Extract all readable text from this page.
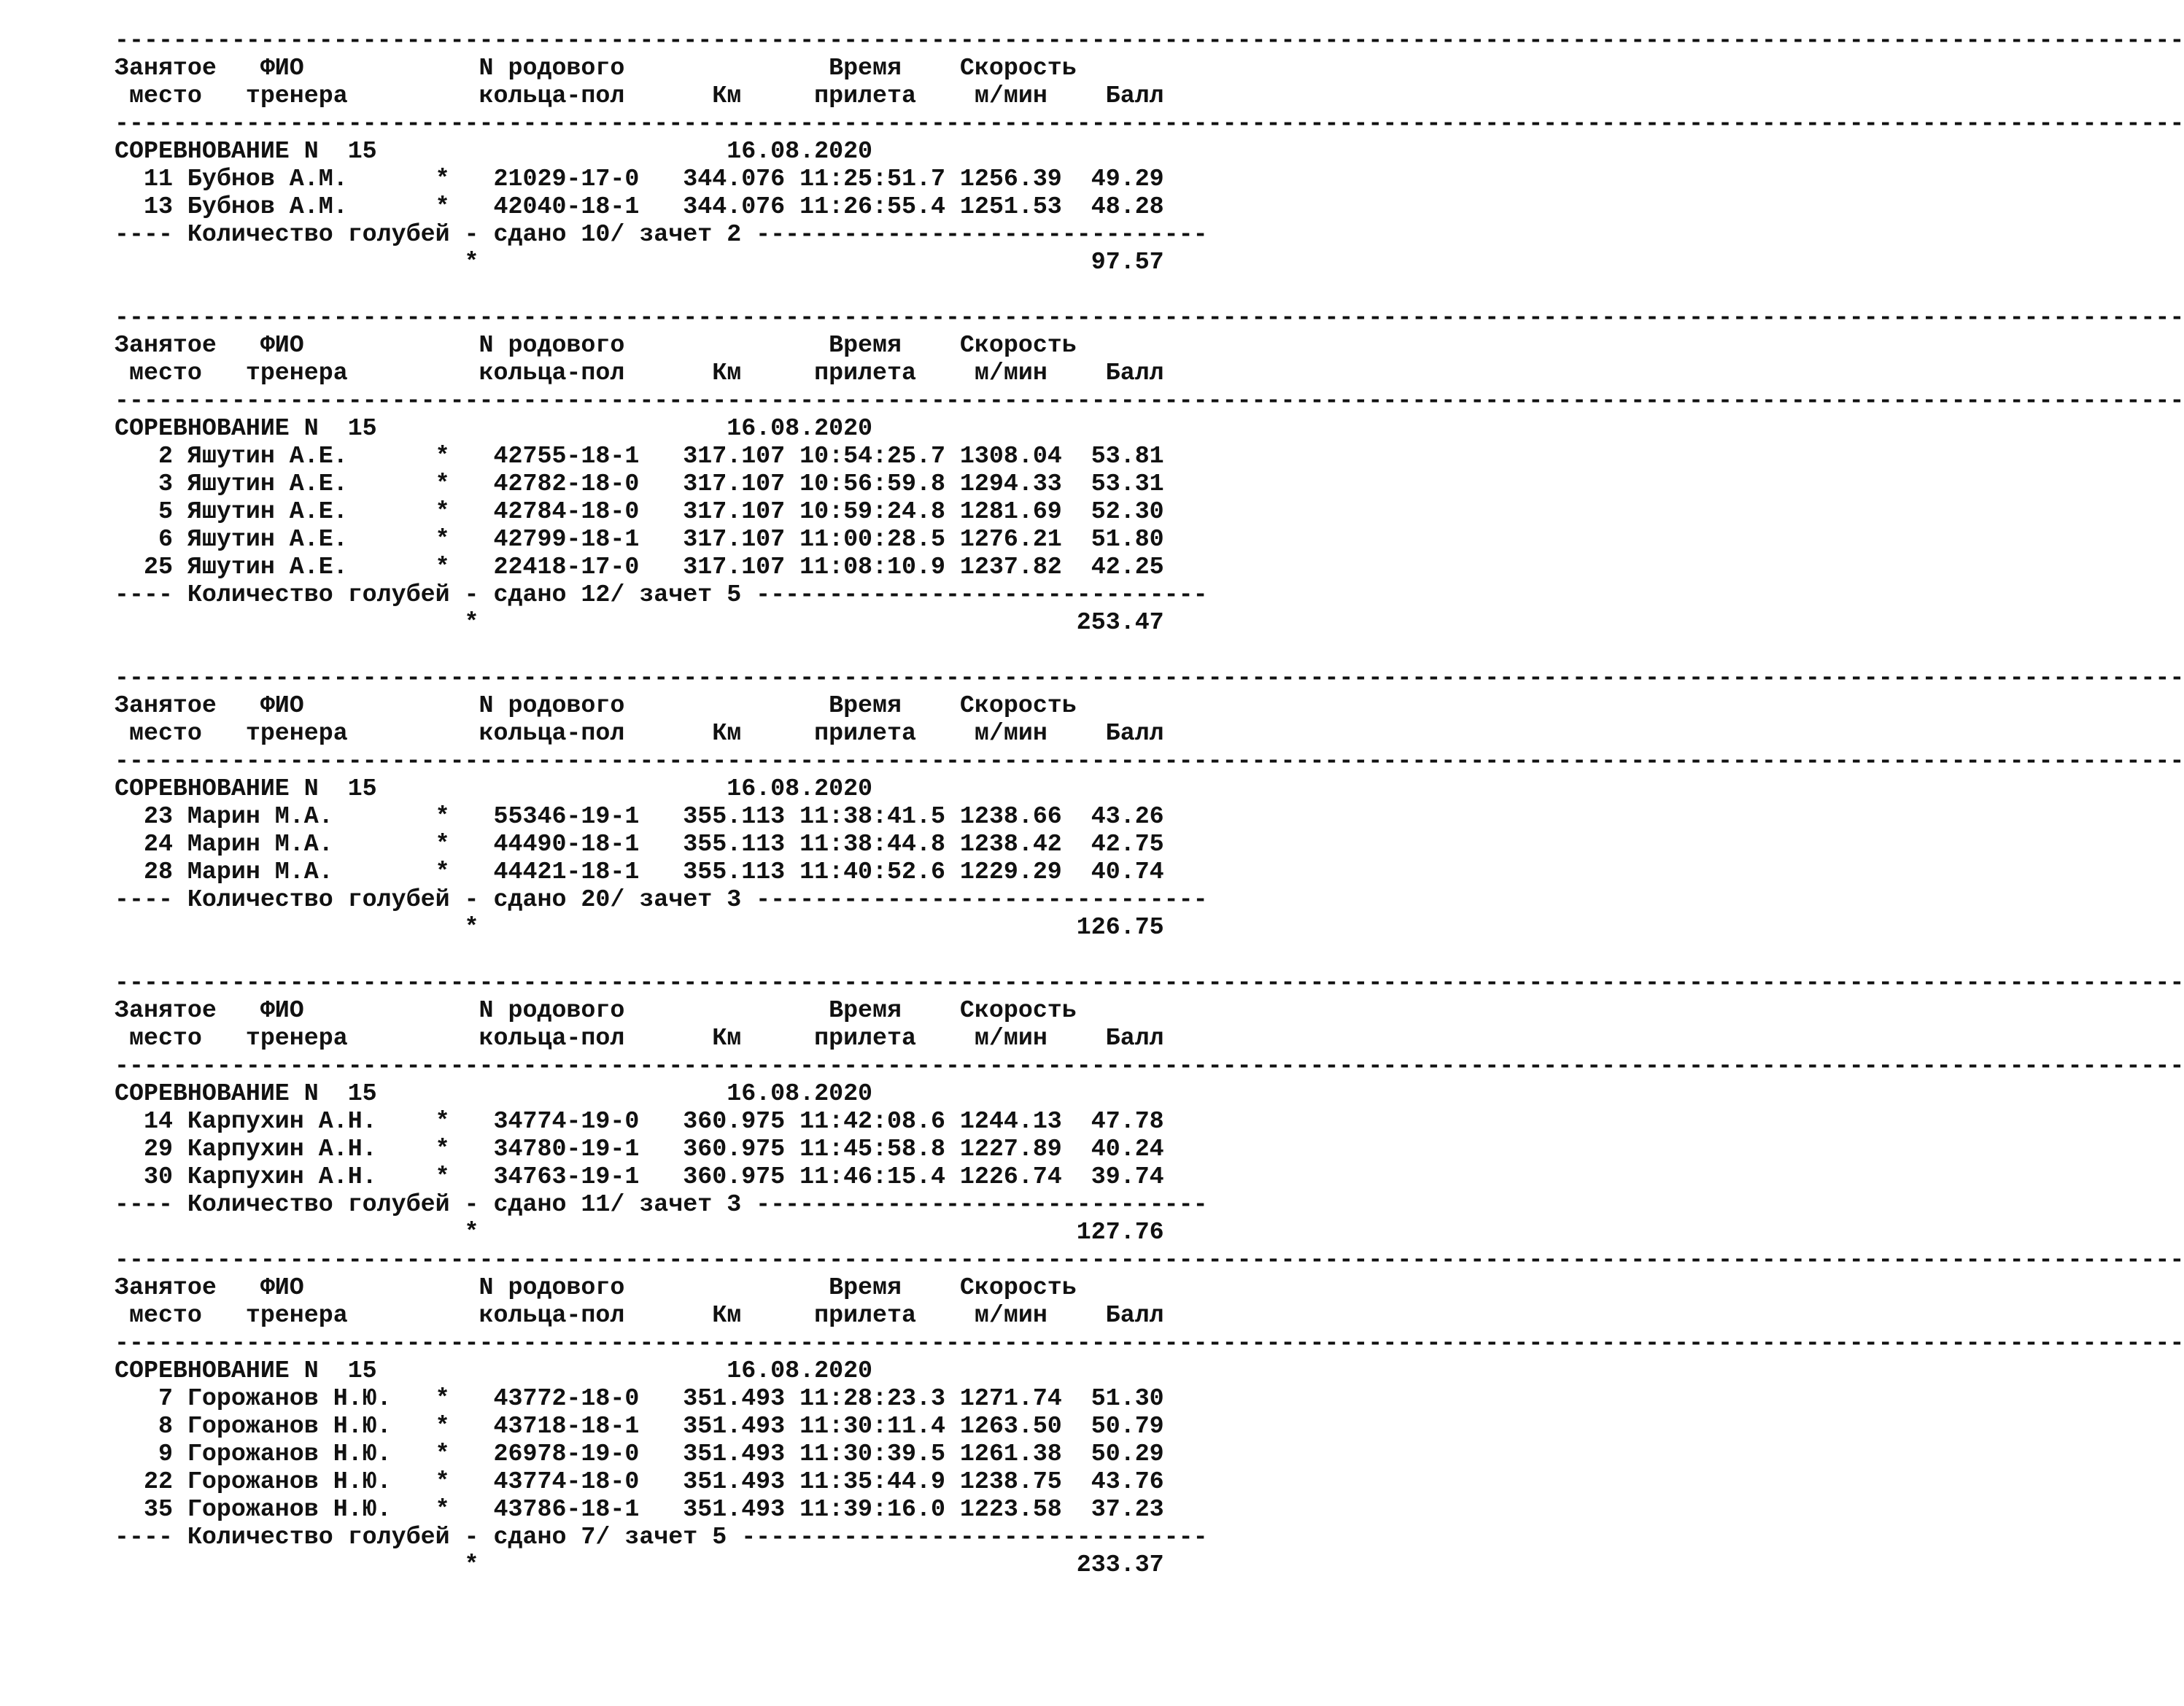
----------------------------------------------------------------------------------------------------------------------------------------------
Занятое   ФИО            N родового              Время    Скорость
место   тренера         кольца-пол      Км     прилета    м/мин    Балл
----------------------------------------------------------------------------------------------------------------------------------------------
СОРЕВНОВАНИЕ N  15                        16.08.2020
11 Бубнов А.М.      *   21029-17-0   344.076 11:25:51.7 1256.39  49.29
13 Бубнов А.М.      *   42040-18-1   344.076 11:26:55.4 1251.53  48.28
---- Количество голубей - сдано 10/ зачет 2 -------------------------------
*                                          97.57
----------------------------------------------------------------------------------------------------------------------------------------------
Занятое   ФИО            N родового              Время    Скорость
место   тренера         кольца-пол      Км     прилета    м/мин    Балл
----------------------------------------------------------------------------------------------------------------------------------------------
СОРЕВНОВАНИЕ N  15                        16.08.2020
2 Яшутин А.Е.      *   42755-18-1   317.107 10:54:25.7 1308.04  53.81
3 Яшутин А.Е.      *   42782-18-0   317.107 10:56:59.8 1294.33  53.31
5 Яшутин А.Е.      *   42784-18-0   317.107 10:59:24.8 1281.69  52.30
6 Яшутин А.Е.      *   42799-18-1   317.107 11:00:28.5 1276.21  51.80
25 Яшутин А.Е.      *   22418-17-0   317.107 11:08:10.9 1237.82  42.25
---- Количество голубей - сдано 12/ зачет 5 -------------------------------
*                                         253.47
----------------------------------------------------------------------------------------------------------------------------------------------
Занятое   ФИО            N родового              Время    Скорость
место   тренера         кольца-пол      Км     прилета    м/мин    Балл
----------------------------------------------------------------------------------------------------------------------------------------------
СОРЕВНОВАНИЕ N  15                        16.08.2020
23 Марин М.А.       *   55346-19-1   355.113 11:38:41.5 1238.66  43.26
24 Марин М.А.       *   44490-18-1   355.113 11:38:44.8 1238.42  42.75
28 Марин М.А.       *   44421-18-1   355.113 11:40:52.6 1229.29  40.74
---- Количество голубей - сдано 20/ зачет 3 -------------------------------
*                                         126.75
----------------------------------------------------------------------------------------------------------------------------------------------
Занятое   ФИО            N родового              Время    Скорость
место   тренера         кольца-пол      Км     прилета    м/мин    Балл
----------------------------------------------------------------------------------------------------------------------------------------------
СОРЕВНОВАНИЕ N  15                        16.08.2020
14 Карпухин А.Н.    *   34774-19-0   360.975 11:42:08.6 1244.13  47.78
29 Карпухин А.Н.    *   34780-19-1   360.975 11:45:58.8 1227.89  40.24
30 Карпухин А.Н.    *   34763-19-1   360.975 11:46:15.4 1226.74  39.74
---- Количество голубей - сдано 11/ зачет 3 -------------------------------
*                                         127.76
----------------------------------------------------------------------------------------------------------------------------------------------
Занятое   ФИО            N родового              Время    Скорость
место   тренера         кольца-пол      Км     прилета    м/мин    Балл
----------------------------------------------------------------------------------------------------------------------------------------------
СОРЕВНОВАНИЕ N  15                        16.08.2020
7 Горожанов Н.Ю.   *   43772-18-0   351.493 11:28:23.3 1271.74  51.30
8 Горожанов Н.Ю.   *   43718-18-1   351.493 11:30:11.4 1263.50  50.79
9 Горожанов Н.Ю.   *   26978-19-0   351.493 11:30:39.5 1261.38  50.29
22 Горожанов Н.Ю.   *   43774-18-0   351.493 11:35:44.9 1238.75  43.76
35 Горожанов Н.Ю.   *   43786-18-1   351.493 11:39:16.0 1223.58  37.23
---- Количество голубей - сдано 7/ зачет 5 --------------------------------
*                                         233.37
